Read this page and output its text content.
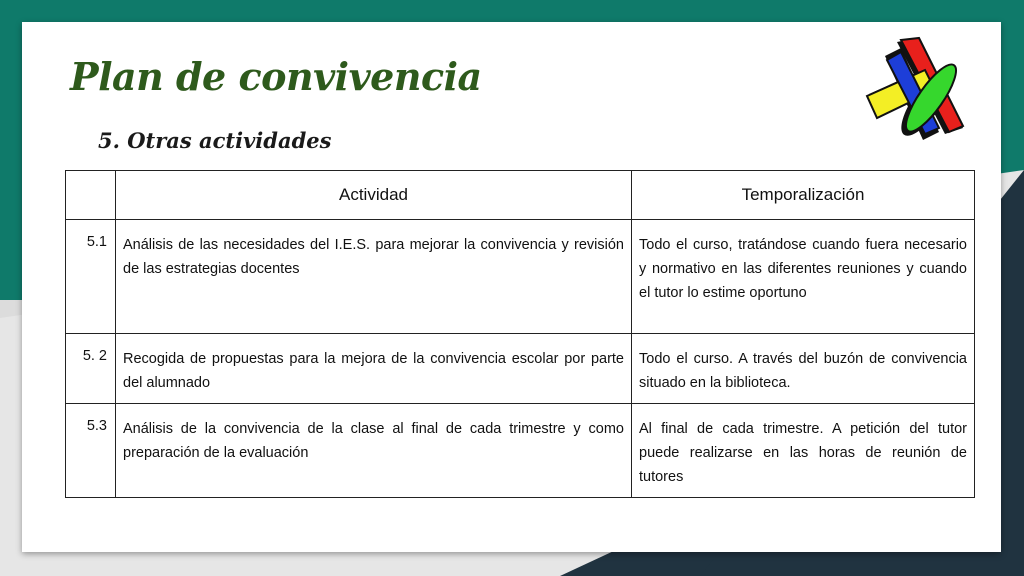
Plan de convivencia
5. Otras actividades
	Actividad	Temporalización
5.1	Análisis de las necesidades del I.E.S. para mejorar la convivencia y revisión de las estrategias docentes	Todo el curso, tratándose cuando fuera necesario y normativo en las diferentes reuniones y cuando el tutor lo estime oportuno
5. 2	Recogida de propuestas para la mejora de la convivencia escolar por parte del alumnado	Todo el curso. A través del buzón de convivencia situado en la biblioteca.
5.3	Análisis de la convivencia de la clase al final de cada trimestre y como preparación de la evaluación	Al final de cada trimestre. A petición del tutor puede realizarse en las horas de reunión de tutores
